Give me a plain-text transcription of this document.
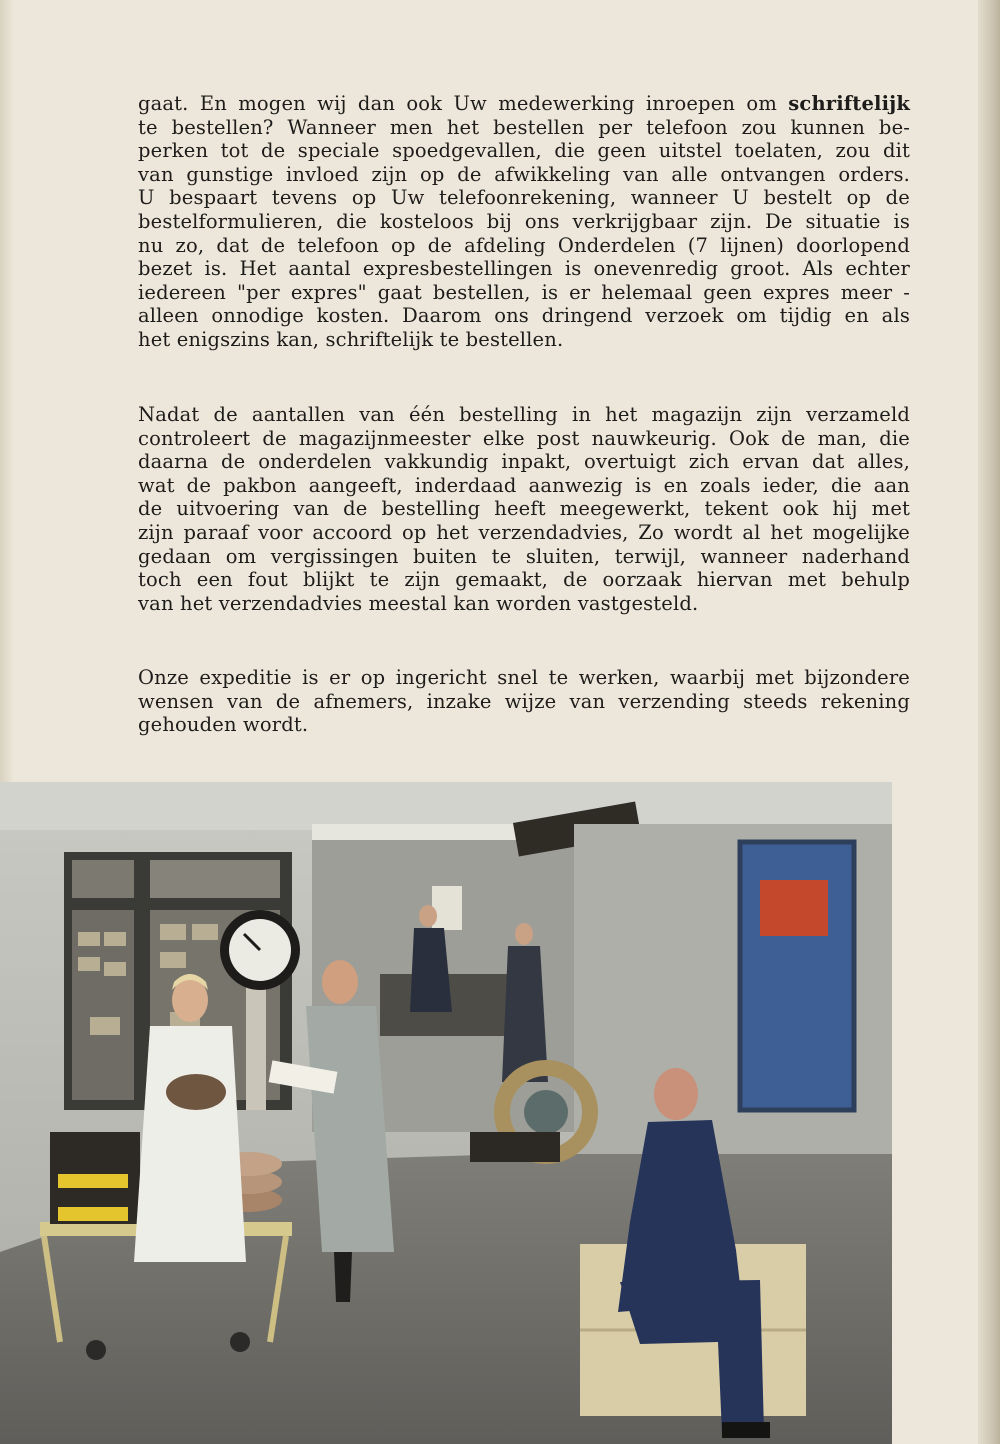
gaat. En mogen wij dan ook Uw medewerking inroepen om schriftelijk
te bestellen? Wanneer men het bestellen per telefoon zou kunnen be-
perken tot de speciale spoedgevallen, die geen uitstel toelaten, zou dit
van gunstige invloed zijn op de afwikkeling van alle ontvangen orders.
U bespaart tevens op Uw telefoonrekening, wanneer U bestelt op de
bestelformulieren, die kosteloos bij ons verkrijgbaar zijn. De situatie is
nu zo, dat de telefoon op de afdeling Onderdelen (7 lijnen) doorlopend
bezet is. Het aantal expresbestellingen is onevenredig groot. Als echter
iedereen "per expres" gaat bestellen, is er helemaal geen expres meer -
alleen onnodige kosten. Daarom ons dringend verzoek om tijdig en als
het enigszins kan, schriftelijk te bestellen.

Nadat de aantallen van één bestelling in het magazijn zijn verzameld
controleert de magazijnmeester elke post nauwkeurig. Ook de man, die
daarna de onderdelen vakkundig inpakt, overtuigt zich ervan dat alles,
wat de pakbon aangeeft, inderdaad aanwezig is en zoals ieder, die aan
de uitvoering van de bestelling heeft meegewerkt, tekent ook hij met
zijn paraaf voor accoord op het verzendadvies, Zo wordt al het mogelijke
gedaan om vergissingen buiten te sluiten, terwijl, wanneer naderhand
toch een fout blijkt te zijn gemaakt, de oorzaak hiervan met behulp
van het verzendadvies meestal kan worden vastgesteld.

Onze expeditie is er op ingericht snel te werken, waarbij met bijzondere
wensen van de afnemers, inzake wijze van verzending steeds rekening
gehouden wordt.
